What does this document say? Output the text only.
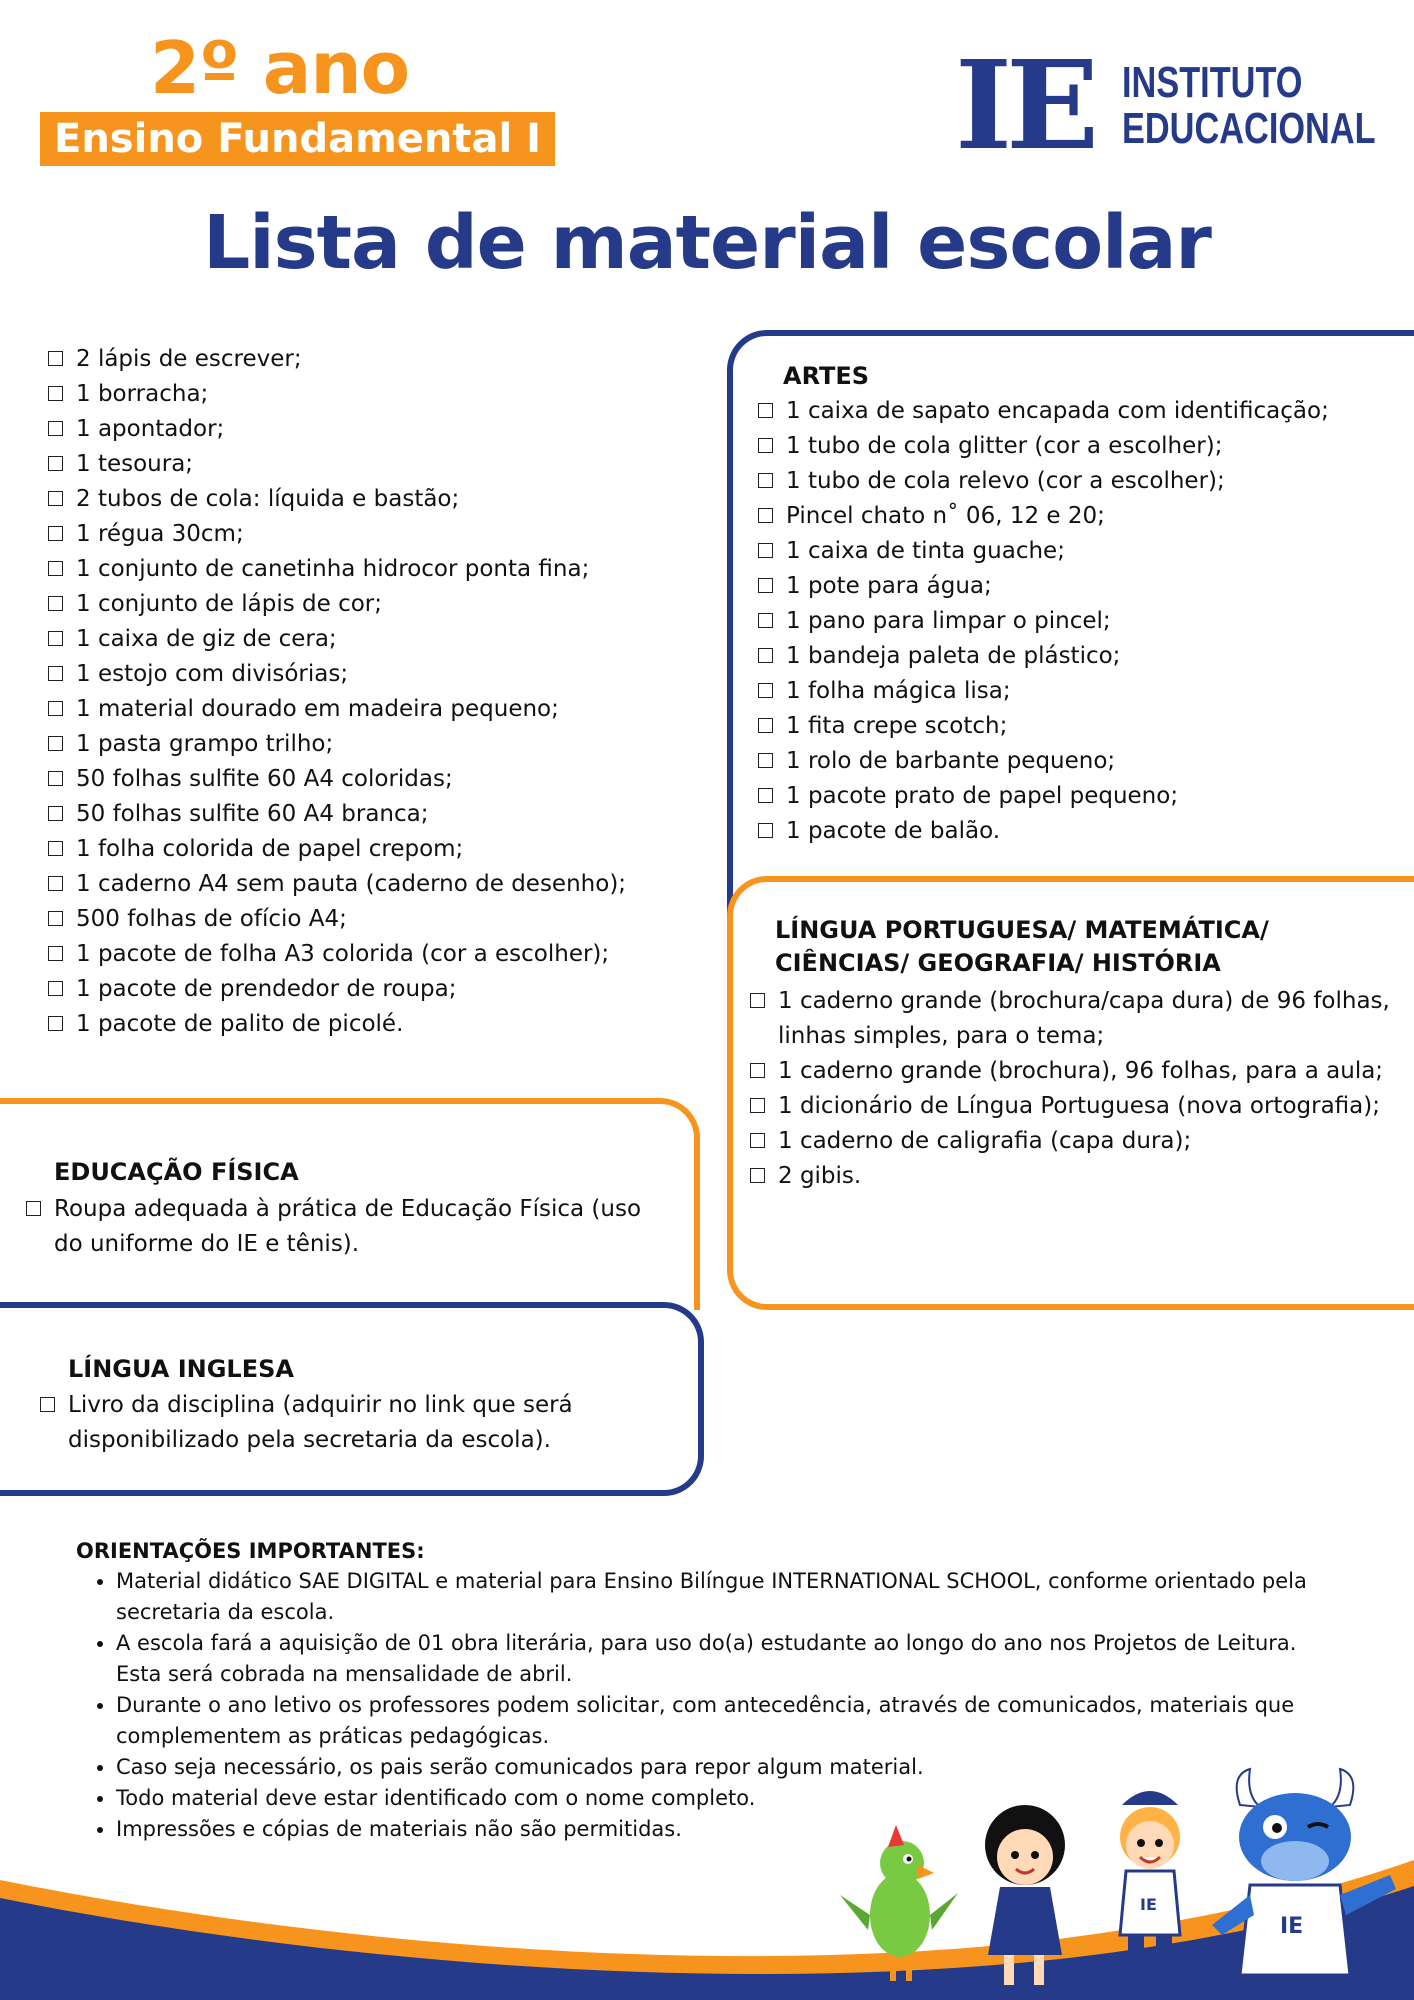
2º ano
Ensino Fundamental I	IE INSTITUTO
EDUCACIONAL
Lista de material escolar
2 lápis de escrever;
1 borracha;
1 apontador;
1 tesoura;
2 tubos de cola: líquida e bastão;
1 régua 30cm;
1 conjunto de canetinha hidrocor ponta fina;
1 conjunto de lápis de cor;
1 caixa de giz de cera;
1 estojo com divisórias;
1 material dourado em madeira pequeno;
1 pasta grampo trilho;
50 folhas sulfite 60 A4 coloridas;
50 folhas sulfite 60 A4 branca;
1 folha colorida de papel crepom;
1 caderno A4 sem pauta (caderno de desenho);
500 folhas de ofício A4;
1 pacote de folha A3 colorida (cor a escolher);
1 pacote de prendedor de roupa;
1 pacote de palito de picolé.
ARTES
1 caixa de sapato encapada com identificação;
1 tubo de cola glitter (cor a escolher);
1 tubo de cola relevo (cor a escolher);
Pincel chato n˚ 06, 12 e 20;
1 caixa de tinta guache;
1 pote para água;
1 pano para limpar o pincel;
1 bandeja paleta de plástico;
1 folha mágica lisa;
1 fita crepe scotch;
1 rolo de barbante pequeno;
1 pacote prato de papel pequeno;
1 pacote de balão.
LÍNGUA PORTUGUESA/ MATEMÁTICA/
CIÊNCIAS/ GEOGRAFIA/ HISTÓRIA
1 caderno grande (brochura/capa dura) de 96 folhas, linhas simples, para o tema;
1 caderno grande (brochura), 96 folhas, para a aula;
1 dicionário de Língua Portuguesa (nova ortografia);
1 caderno de caligrafia (capa dura);
2 gibis.
EDUCAÇÃO FÍSICA
Roupa adequada à prática de Educação Física (uso do uniforme do IE e tênis).
LÍNGUA INGLESA
Livro da disciplina (adquirir no link que será disponibilizado pela secretaria da escola).
ORIENTAÇÕES IMPORTANTES:
• Material didático SAE DIGITAL e material para Ensino Bilíngue INTERNATIONAL SCHOOL, conforme orientado pela secretaria da escola.
• A escola fará a aquisição de 01 obra literária, para uso do(a) estudante ao longo do ano nos Projetos de Leitura. Esta será cobrada na mensalidade de abril.
• Durante o ano letivo os professores podem solicitar, com antecedência, através de comunicados, materiais que complementem as práticas pedagógicas.
• Caso seja necessário, os pais serão comunicados para repor algum material.
• Todo material deve estar identificado com o nome completo.
• Impressões e cópias de materiais não são permitidas.
IE
IE
